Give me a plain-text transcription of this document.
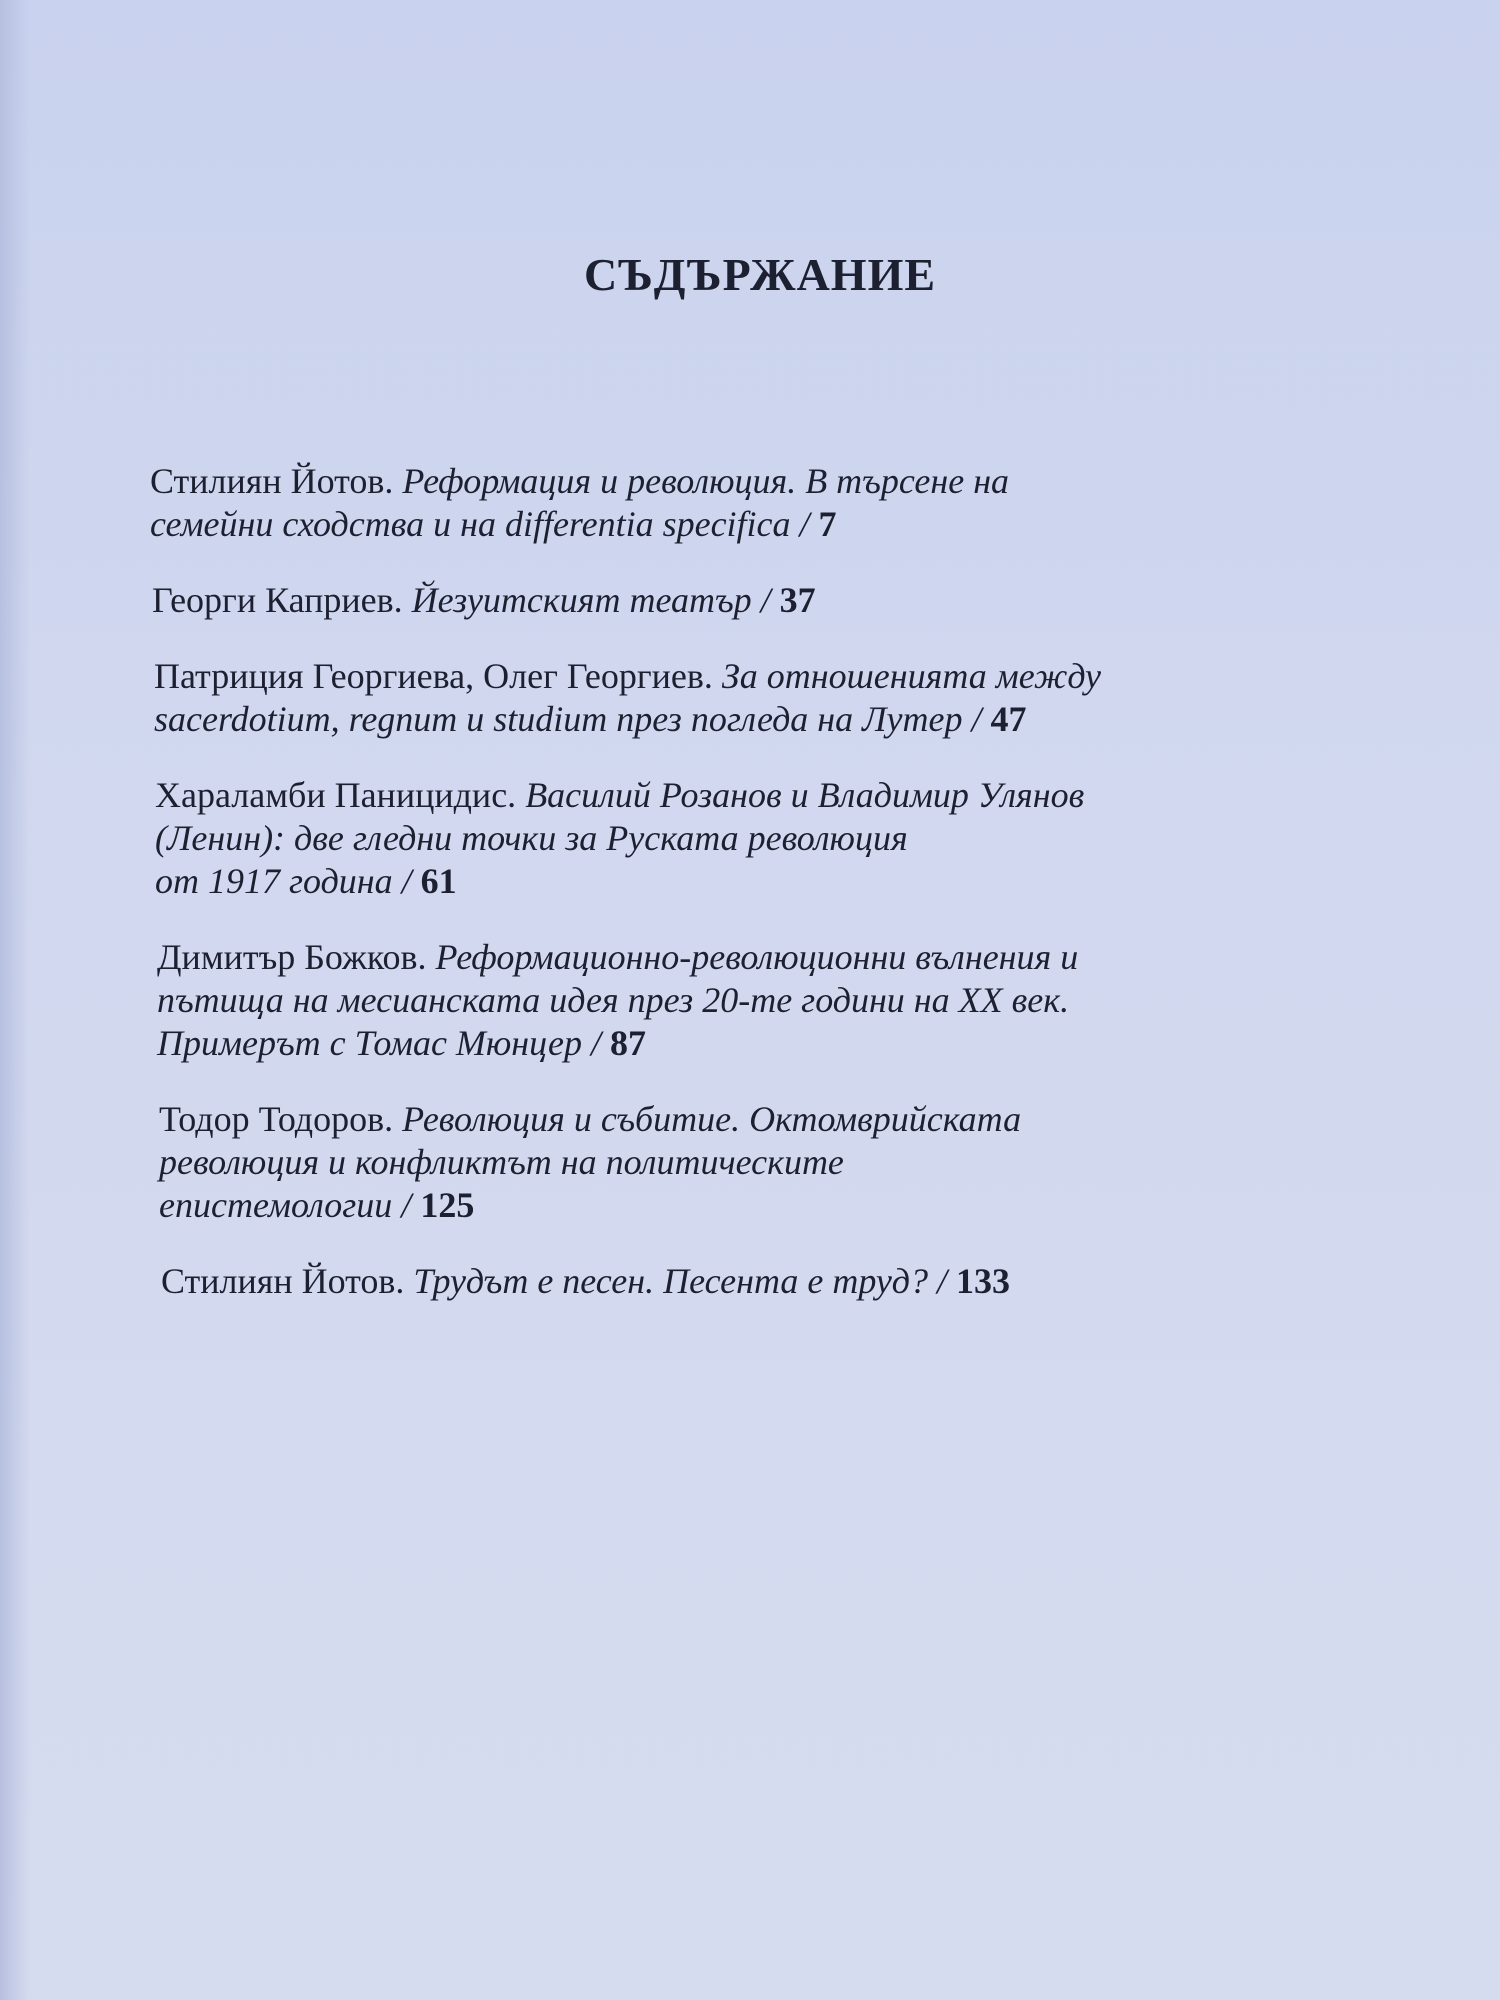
СЪДЪРЖАНИЕ
Стилиян Йотов. Реформация и революция. В търсене на
семейни сходства и на differentia specifica / 7
Георги Каприев. Йезуитският театър / 37
Патриция Георгиева, Олег Георгиев. За отношенията между
sacerdotium, regnum и studium през погледа на Лутер / 47
Хараламби Паницидис. Василий Розанов и Владимир Улянов
(Ленин): две гледни точки за Руската революция
от 1917 година / 61
Димитър Божков. Реформационно-революционни вълнения и
пътища на месианската идея през 20-те години на XX век.
Примерът с Томас Мюнцер / 87
Тодор Тодоров. Революция и събитие. Октомврийската
революция и конфликтът на политическите
епистемологии / 125
Стилиян Йотов. Трудът е песен. Песента е труд? / 133
